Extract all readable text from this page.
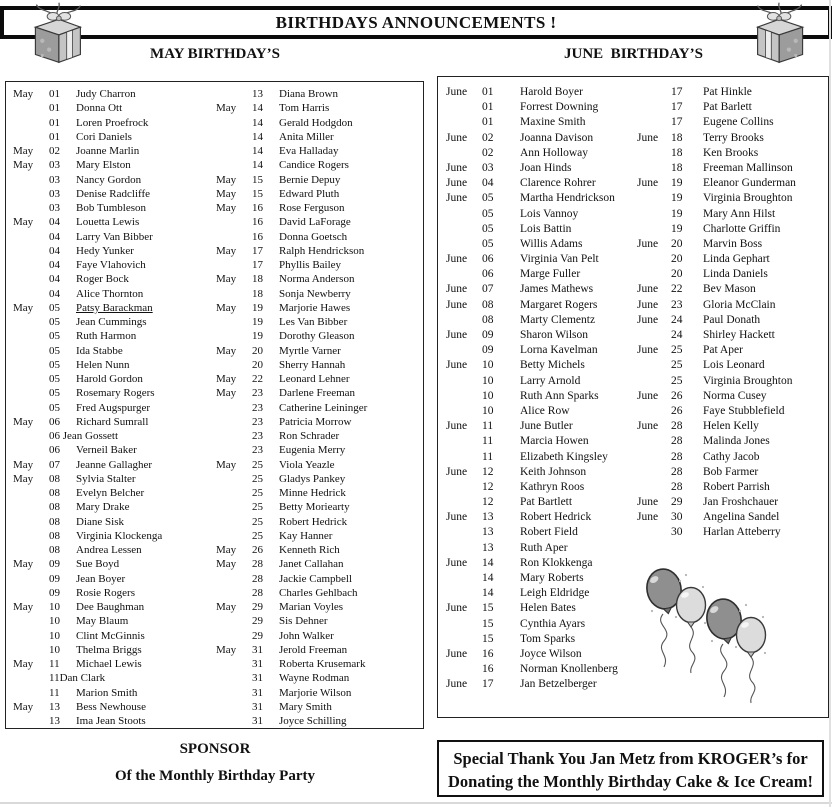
BIRTHDAYS ANNOUNCEMENTS !
MAY BIRTHDAY’S	JUNE  BIRTHDAY’S
May	01	Judy Charron
01	Donna Ott
01	Loren Proefrock
01	Cori Daniels
May	02	Joanne Marlin
May	03	Mary Elston
03	Nancy Gordon
03	Denise Radcliffe
03	Bob Tumbleson
May	04	Louetta Lewis
04	Larry Van Bibber
04	Hedy Yunker
04	Faye Vlahovich
04	Roger Bock
04	Alice Thornton
May	05	Patsy Barackman
05	Jean Cummings
05	Ruth Harmon
05	Ida Stabbe
05	Helen Nunn
05	Harold Gordon
05	Rosemary Rogers
05	Fred Augspurger
May	06	Richard Sumrall
06 Jean Gossett
06	Verneil Baker
May	07	Jeanne Gallagher
May	08	Sylvia Stalter
08	Evelyn Belcher
08	Mary Drake
08	Diane Sisk
08	Virginia Klockenga
08	Andrea Lessen
May	09	Sue Boyd
09	Jean Boyer
09	Rosie Rogers
May	10	Dee Baughman
10	May Blaum
10	Clint McGinnis
10	Thelma Briggs
May	11	Michael Lewis
11Dan Clark
11	Marion Smith
May	13	Bess Newhouse
13	Ima Jean Stoots
13	Diana Brown
May	14	Tom Harris
14	Gerald Hodgdon
14	Anita Miller
14	Eva Halladay
14	Candice Rogers
May	15	Bernie Depuy
May	15	Edward Pluth
May	16	Rose Ferguson
16	David LaForage
16	Donna Goetsch
May	17	Ralph Hendrickson
17	Phyllis Bailey
May	18	Norma Anderson
18	Sonja Newberry
May	19	Marjorie Hawes
19	Les Van Bibber
19	Dorothy Gleason
May	20	Myrtle Varner
20	Sherry Hannah
May	22	Leonard Lehner
May	23	Darlene Freeman
23	Catherine Leininger
23	Patricia Morrow
23	Ron Schrader
23	Eugenia Merry
May	25	Viola Yeazle
25	Gladys Pankey
25	Minne Hedrick
25	Betty Moriearty
25	Robert Hedrick
25	Kay Hanner
May	26	Kenneth Rich
May	28	Janet Callahan
28	Jackie Campbell
28	Charles Gehlbach
May	29	Marian Voyles
29	Sis Dehner
29	John Walker
May	31	Jerold Freeman
31	Roberta Krusemark
31	Wayne Rodman
31	Marjorie Wilson
31	Mary Smith
31	Joyce Schilling
June	01	Harold Boyer
01	Forrest Downing
01	Maxine Smith
June	02	Joanna Davison
02	Ann Holloway
June	03	Joan Hinds
June	04	Clarence Rohrer
June	05	Martha Hendrickson
05	Lois Vannoy
05	Lois Battin
05	Willis Adams
June	06	Virginia Van Pelt
06	Marge Fuller
June	07	James Mathews
June	08	Margaret Rogers
08	Marty Clementz
June	09	Sharon Wilson
09	Lorna Kavelman
June	10	Betty Michels
10	Larry Arnold
10	Ruth Ann Sparks
10	Alice Row
June	11	June Butler
11	Marcia Howen
11	Elizabeth Kingsley
June	12	Keith Johnson
12	Kathryn Roos
12	Pat Bartlett
June	13	Robert Hedrick
13	Robert Field
13	Ruth Aper
June	14	Ron Klokkenga
14	Mary Roberts
14	Leigh Eldridge
June	15	Helen Bates
15	Cynthia Ayars
15	Tom Sparks
June	16	Joyce Wilson
16	Norman Knollenberg
June	17	Jan Betzelberger
17	Pat Hinkle
17	Pat Barlett
17	Eugene Collins
June	18	Terry Brooks
18	Ken Brooks
18	Freeman Mallinson
June	19	Eleanor Gunderman
19	Virginia Broughton
19	Mary Ann Hilst
19	Charlotte Griffin
June	20	Marvin Boss
20	Linda Gephart
20	Linda Daniels
June	22	Bev Mason
June	23	Gloria McClain
June	24	Paul Donath
24	Shirley Hackett
June	25	Pat Aper
25	Lois Leonard
25	Virginia Broughton
June	26	Norma Cusey
26	Faye Stubblefield
June	28	Helen Kelly
28	Malinda Jones
28	Cathy Jacob
28	Bob Farmer
28	Robert Parrish
June	29	Jan Froshchauer
June	30	Angelina Sandel
30	Harlan Atteberry
SPONSOR
Of the Monthly Birthday Party
Special Thank You Jan Metz from KROGER’s for
Donating the Monthly Birthday Cake & Ice Cream!
